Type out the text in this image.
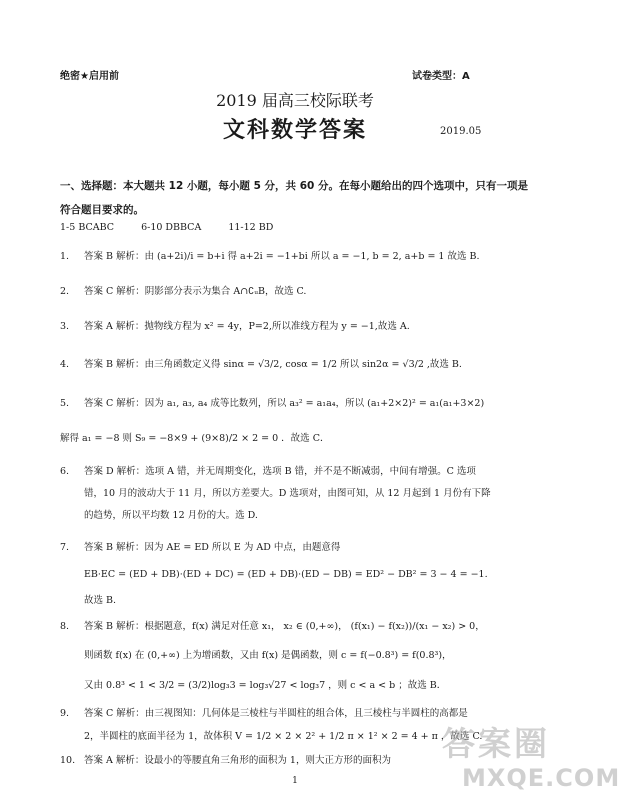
绝密★启用前	试卷类型：A
2019 届高三校际联考
文科数学答案	2019.05
一、选择题：本大题共 12 小题，每小题 5 分，共 60 分。在每小题给出的四个选项中，只有一项是
符合题目要求的。
1-5 BCABC	6-10 DBBCA	11-12 BD
1. 答案 B 解析：由 (a+2i)/i = b+i 得 a+2i = −1+bi 所以 a = −1, b = 2, a+b = 1 故选 B.
2. 答案 C 解析：阴影部分表示为集合 A∩∁ᵤB，故选 C.
3. 答案 A 解析：抛物线方程为 x² = 4y，P=2,所以准线方程为 y = −1,故选 A.
4. 答案 B 解析：由三角函数定义得 sinα = √3/2, cosα = 1/2 所以 sin2α = √3/2 ,故选 B.
5. 答案 C 解析：因为 a₁, a₃, a₄ 成等比数列，所以 a₃² = a₁a₄，所以 (a₁+2×2)² = a₁(a₁+3×2)
解得 a₁ = −8 则 S₉ = −8×9 + (9×8)/2 × 2 = 0 ．故选 C．
6. 答案 D 解析：选项 A 错，并无周期变化，选项 B 错，并不是不断减弱，中间有增强。C 选项
错，10 月的波动大于 11 月，所以方差要大。D 选项对，由图可知，从 12 月起到 1 月份有下降
的趋势，所以平均数 12 月份的大。选 D.
7. 答案 B 解析：因为 AE = ED 所以 E 为 AD 中点，由题意得
EB·EC = (ED + DB)·(ED + DC) = (ED + DB)·(ED − DB) = ED² − DB² = 3 − 4 = −1.
故选 B.
8. 答案 B 解析：根据题意，f(x) 满足对任意 x₁， x₂ ∈ (0,+∞)， (f(x₁) − f(x₂))/(x₁ − x₂) > 0，
则函数 f(x) 在 (0,+∞) 上为增函数，又由 f(x) 是偶函数，则 c = f(−0.8³) = f(0.8³)，
又由 0.8³ < 1 < 3/2 = (3/2)log₃3 = log₃√27 < log₃7 ，则 c < a < b ；故选 B．
9. 答案 C 解析：由三视图知：几何体是三棱柱与半圆柱的组合体，且三棱柱与半圆柱的高都是
2，半圆柱的底面半径为 1，故体积 V = 1/2 × 2 × 2² + 1/2 π × 1² × 2 = 4 + π ，故选 C.
10. 答案 A 解析：设最小的等腰直角三角形的面积为 1，则大正方形的面积为
1
答案圈
MXQE.COM
